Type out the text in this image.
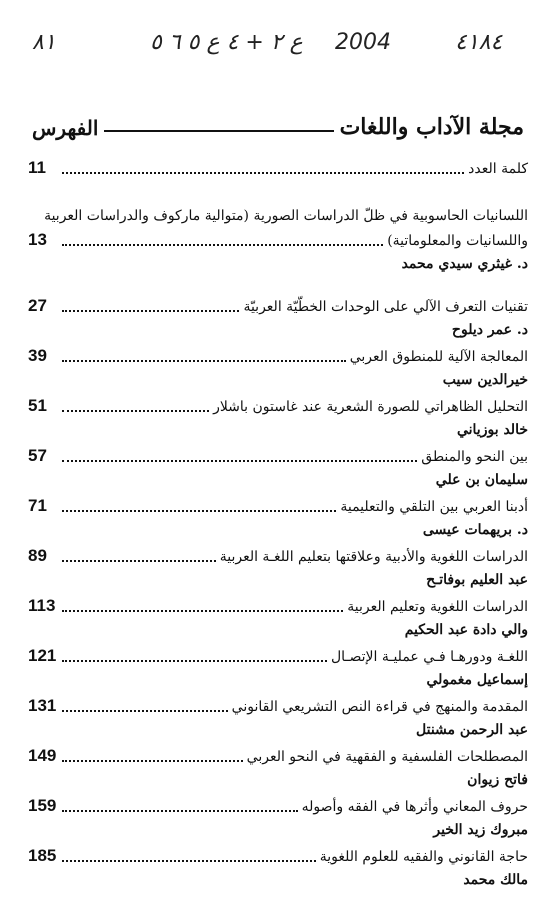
٨١	ع ٢ + ٤ ع ٥ ٦ ٥ 2004	٤١٨٤
مجلة الآداب واللغات
الفهرس
كلمة العدد
11
اللسانيات الحاسوبية في ظلّ الدراسات الصورية (متوالية ماركوف والدراسات العربية
واللسانيات والمعلوماتية)
13
د. غيثري سيدي محمد
تقنيات التعرف الآلي على الوحدات الخطّيّة العربيّة
27
د. عمر ديلوح
المعالجة الآلية للمنطوق العربي
39
خيرالدين سيب
التحليل الظاهراتي للصورة الشعرية عند غاستون باشلار
51
خالد بوزياني
بين النحو والمنطق
57
سليمان بن علي
أدبنا العربي بين التلقي والتعليمية
71
د. بريهمات عيسى
الدراسات اللغوية والأدبية وعلاقتها بتعليم اللغـة العربية
89
عبد العليم بوفاتـح
الدراسات اللغوية وتعليم العربية
113
والي دادة عبد الحكيم
اللغـة ودورهـا فـي عمليـة الإتصـال
121
إسماعيل مغمولي
المقدمة والمنهج في قراءة النص التشريعي القانوني
131
عبد الرحمن مشنتل
المصطلحات الفلسفية و الفقهية في النحو العربي
149
فاتح زيوان
حروف المعاني وأثرها في الفقه وأصوله
159
مبروك زيد الخير
حاجة القانوني والفقيه للعلوم اللغوية
185
مالك محمد
